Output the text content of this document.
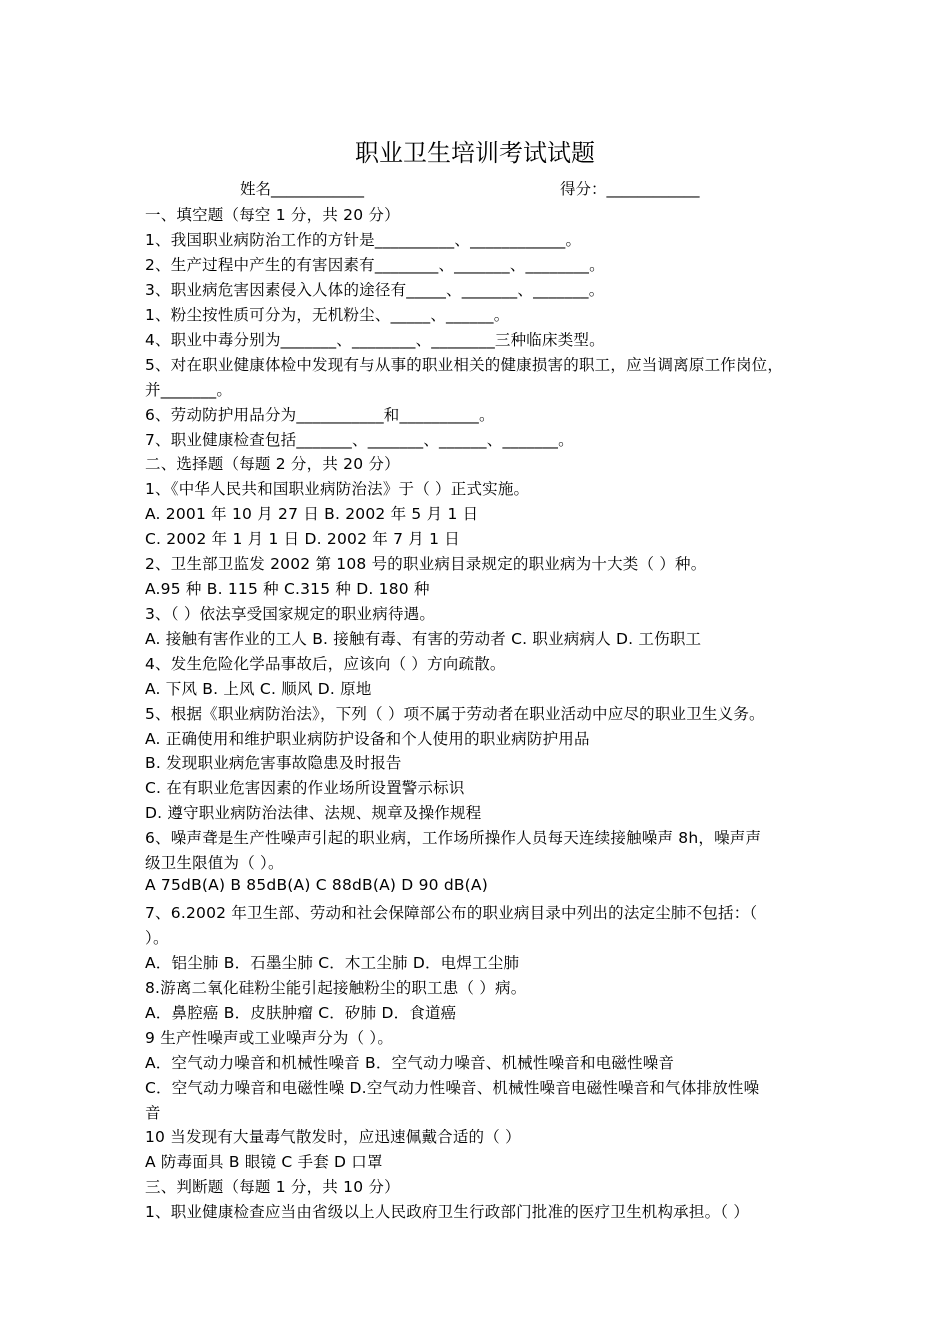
职业卫生培训考试试题
姓名____________	得分：____________
一、填空题（每空 1 分，共 20 分）
1、我国职业病防治工作的方针是__________、____________。
2、生产过程中产生的有害因素有________、_______、________。
3、职业病危害因素侵入人体的途径有_____、_______、_______。
1、粉尘按性质可分为，无机粉尘、_____、______。
4、职业中毒分别为_______、________、________三种临床类型。
5、对在职业健康体检中发现有与从事的职业相关的健康损害的职工，应当调离原工作岗位，
并_______。
6、劳动防护用品分为___________和__________。
7、职业健康检查包括_______、_______、______、_______。
二、选择题（每题 2 分，共 20 分）
1、《中华人民共和国职业病防治法》于（ ）正式实施。
A. 2001 年 10 月 27 日 B. 2002 年 5 月 1 日
C. 2002 年 1 月 1 日 D. 2002 年 7 月 1 日
2、卫生部卫监发 2002 第 108 号的职业病目录规定的职业病为十大类（ ）种。
A.95 种 B. 115 种 C.315 种 D. 180 种
3、（ ）依法享受国家规定的职业病待遇。
A. 接触有害作业的工人 B. 接触有毒、有害的劳动者 C. 职业病病人 D. 工伤职工
4、发生危险化学品事故后，应该向（ ）方向疏散。
A. 下风 B. 上风 C. 顺风 D. 原地
5、根据《职业病防治法》，下列（ ）项不属于劳动者在职业活动中应尽的职业卫生义务。
A. 正确使用和维护职业病防护设备和个人使用的职业病防护用品
B. 发现职业病危害事故隐患及时报告
C. 在有职业危害因素的作业场所设置警示标识
D. 遵守职业病防治法律、法规、规章及操作规程
6、噪声聋是生产性噪声引起的职业病，工作场所操作人员每天连续接触噪声 8h，噪声声
级卫生限值为（ ）。
A 75dB(A) B 85dB(A) C 88dB(A) D 90 dB(A)
7、6.2002 年卫生部、劳动和社会保障部公布的职业病目录中列出的法定尘肺不包括：（
）。
A．铝尘肺 B．石墨尘肺 C．木工尘肺 D．电焊工尘肺
8.游离二氧化硅粉尘能引起接触粉尘的职工患（ ）病。
A．鼻腔癌 B．皮肤肿瘤 C．矽肺 D．食道癌
9 生产性噪声或工业噪声分为（ ）。
A．空气动力噪音和机械性噪音 B．空气动力噪音、机械性噪音和电磁性噪音
C．空气动力噪音和电磁性噪 D.空气动力性噪音、机械性噪音电磁性噪音和气体排放性噪
音
10 当发现有大量毒气散发时，应迅速佩戴合适的（ ）
A 防毒面具 B 眼镜 C 手套 D 口罩
三、判断题（每题 1 分，共 10 分）
1、职业健康检查应当由省级以上人民政府卫生行政部门批准的医疗卫生机构承担。（ ）
